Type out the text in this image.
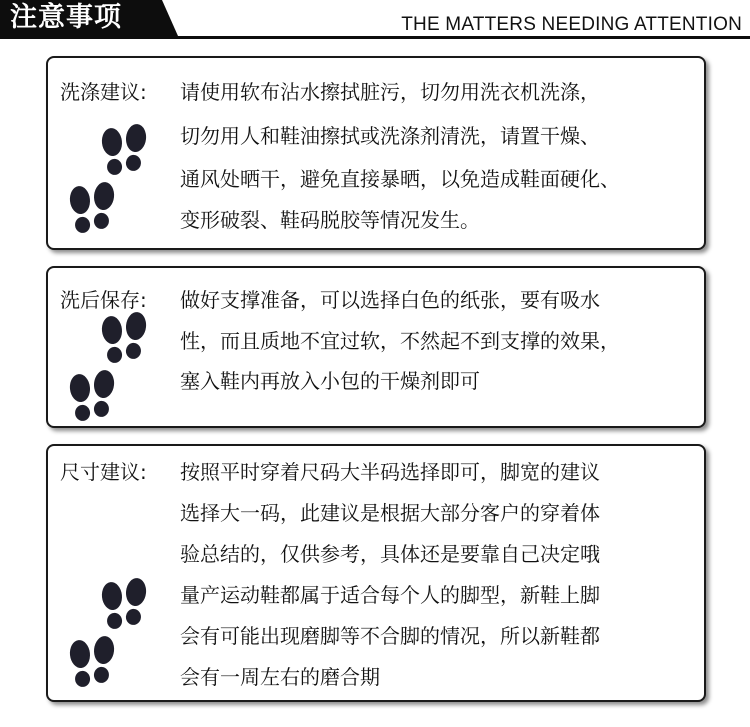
注意事项	THE MATTERS NEEDING ATTENTION
洗涤建议: 请使用软布沾水擦拭脏污，切勿用洗衣机洗涤，
切勿用人和鞋油擦拭或洗涤剂清洗，请置干燥、
通风处晒干，避免直接暴晒，以免造成鞋面硬化、
变形破裂、鞋码脱胶等情况发生。
洗后保存: 做好支撑准备，可以选择白色的纸张，要有吸水
性，而且质地不宜过软，不然起不到支撑的效果，
塞入鞋内再放入小包的干燥剂即可
尺寸建议: 按照平时穿着尺码大半码选择即可，脚宽的建议
选择大一码，此建议是根据大部分客户的穿着体
验总结的，仅供参考，具体还是要靠自己决定哦
量产运动鞋都属于适合每个人的脚型，新鞋上脚
会有可能出现磨脚等不合脚的情况，所以新鞋都
会有一周左右的磨合期
